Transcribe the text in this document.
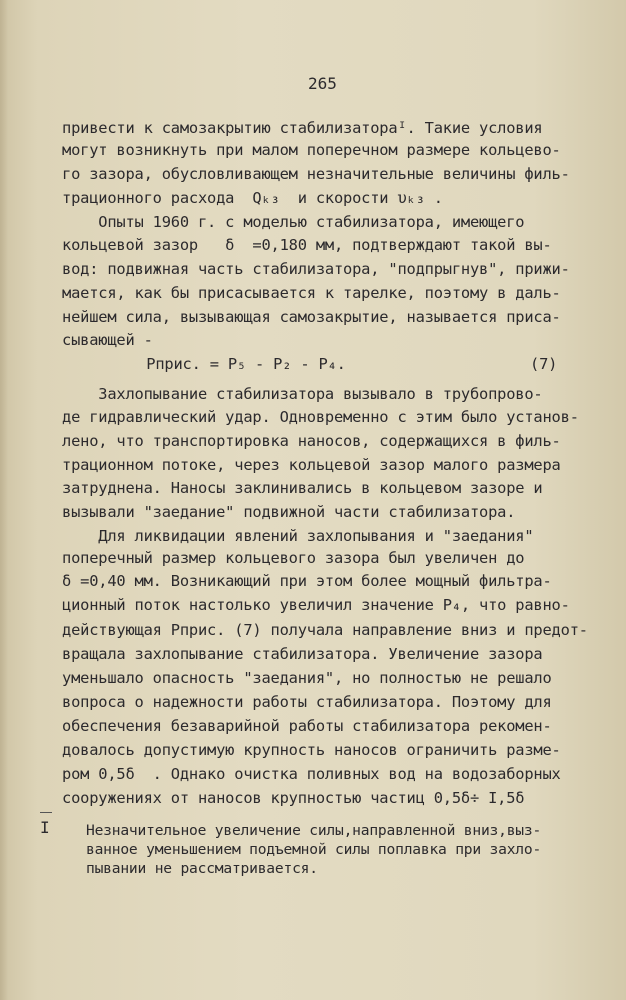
265
привести к самозакрытию стабилизатораᴵ. Такие условия
могут возникнуть при малом поперечном размере кольцево-
го зазора, обусловливающем незначительные величины филь-
трационного расхода  Qₖ₃  и скорости υₖ₃ .
Опыты 1960 г. с моделью стабилизатора, имеющего
кольцевой зазор   δ  =0,180 мм, подтверждают такой вы-
вод: подвижная часть стабилизатора, "подпрыгнув", прижи-
мается, как бы присасывается к тарелке, поэтому в даль-
нейшем сила, вызывающая самозакрытие, называется приса-
сывающей -
Pприс. = P₅ - P₂ - P₄.	(7)
Захлопывание стабилизатора вызывало в трубопрово-
де гидравлический удар. Одновременно с этим было установ-
лено, что транспортировка наносов, содержащихся в филь-
трационном потоке, через кольцевой зазор малого размера
затруднена. Наносы заклинивались в кольцевом зазоре и
вызывали "заедание" подвижной части стабилизатора.
Для ликвидации явлений захлопывания и "заедания"
поперечный размер кольцевого зазора был увеличен до
δ =0,40 мм. Возникающий при этом более мощный фильтра-
ционный поток настолько увеличил значение P₄, что равно-
действующая Pприс. (7) получала направление вниз и предот-
вращала захлопывание стабилизатора. Увеличение зазора
уменьшало опасность "заедания", но полностью не решало
вопроса о надежности работы стабилизатора. Поэтому для
обеспечения безаварийной работы стабилизатора рекомен-
довалось допустимую крупность наносов ограничить разме-
ром 0,5δ  . Однако очистка поливных вод на водозаборных
сооружениях от наносов крупностью частиц 0,5δ÷ I,5δ
I Незначительное увеличение силы,направленной вниз,выз-
ванное уменьшением подъемной силы поплавка при захло-
пывании не рассматривается.
